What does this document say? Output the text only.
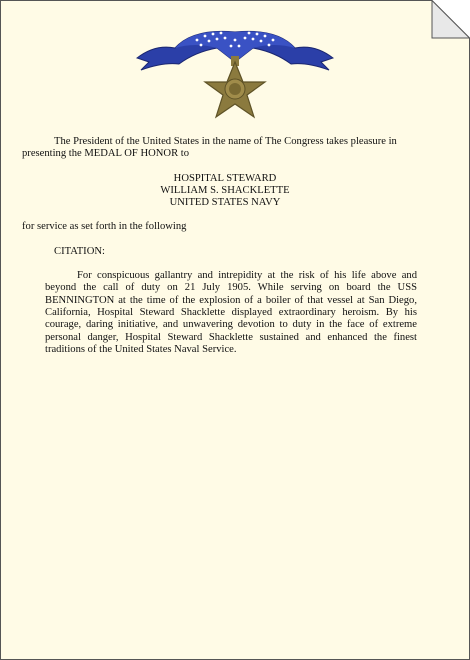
The President of the United States in the name of The Congress takes pleasure in presenting the MEDAL OF HONOR to

HOSPITAL STEWARD
WILLIAM S. SHACKLETTE
UNITED STATES NAVY
for service as set forth in the following
CITATION:
For conspicuous gallantry and intrepidity at the risk of his life above and beyond the call of duty on 21 July 1905. While serving on board the USS BENNINGTON at the time of the explosion of a boiler of that vessel at San Diego, California, Hospital Steward Shacklette displayed extraordinary heroism. By his courage, daring initiative, and unwavering devotion to duty in the face of extreme personal danger, Hospital Steward Shacklette sustained and enhanced the finest traditions of the United States Naval Service.
